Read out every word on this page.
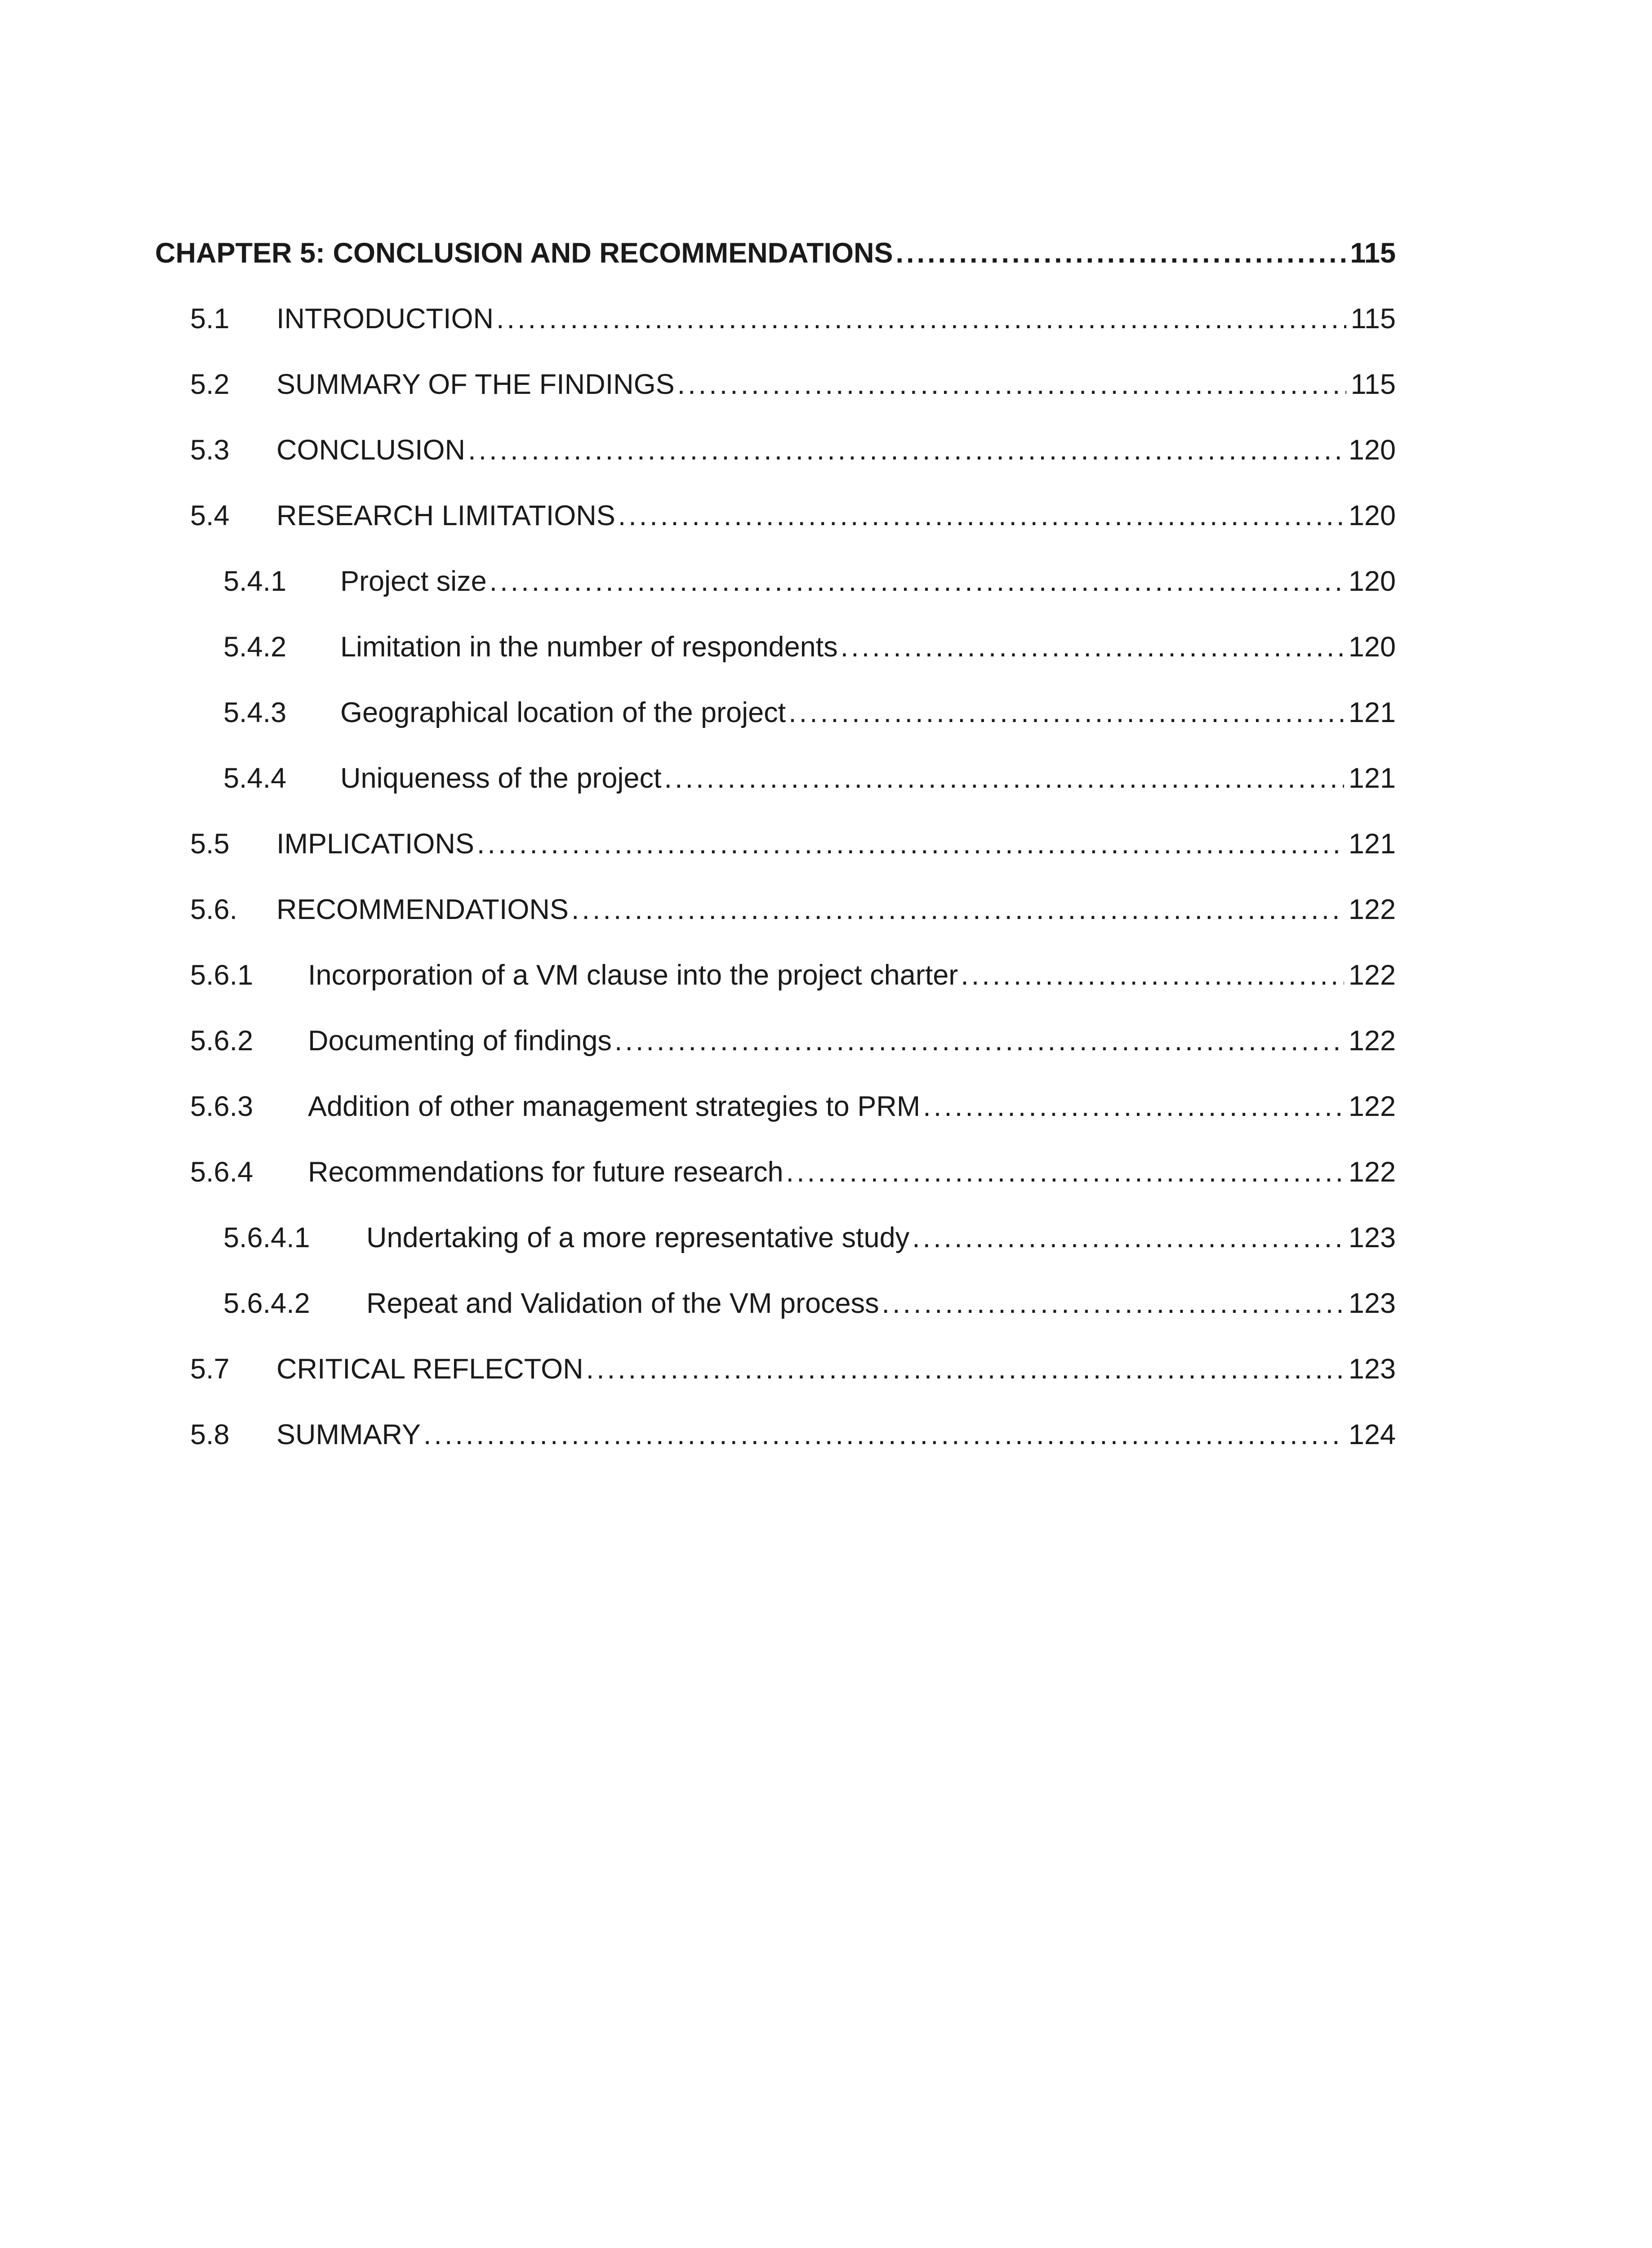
CHAPTER 5: CONCLUSION AND RECOMMENDATIONS .....	115
5.1	INTRODUCTION .....	115
5.2	SUMMARY OF THE FINDINGS .....	115
5.3	CONCLUSION .....	120
5.4	RESEARCH LIMITATIONS .....	120
5.4.1	Project size .....	120
5.4.2	Limitation in the number of respondents .....	120
5.4.3	Geographical location of the project .....	121
5.4.4	Uniqueness of the project .....	121
5.5	IMPLICATIONS .....	121
5.6.	RECOMMENDATIONS .....	122
5.6.1	Incorporation of a VM clause into the project charter .....	122
5.6.2	Documenting of findings .....	122
5.6.3	Addition of other management strategies to PRM .....	122
5.6.4	Recommendations for future research .....	122
5.6.4.1	Undertaking of a more representative study .....	123
5.6.4.2	Repeat and Validation of the VM process .....	123
5.7	CRITICAL REFLECTON .....	123
5.8	SUMMARY .....	124
